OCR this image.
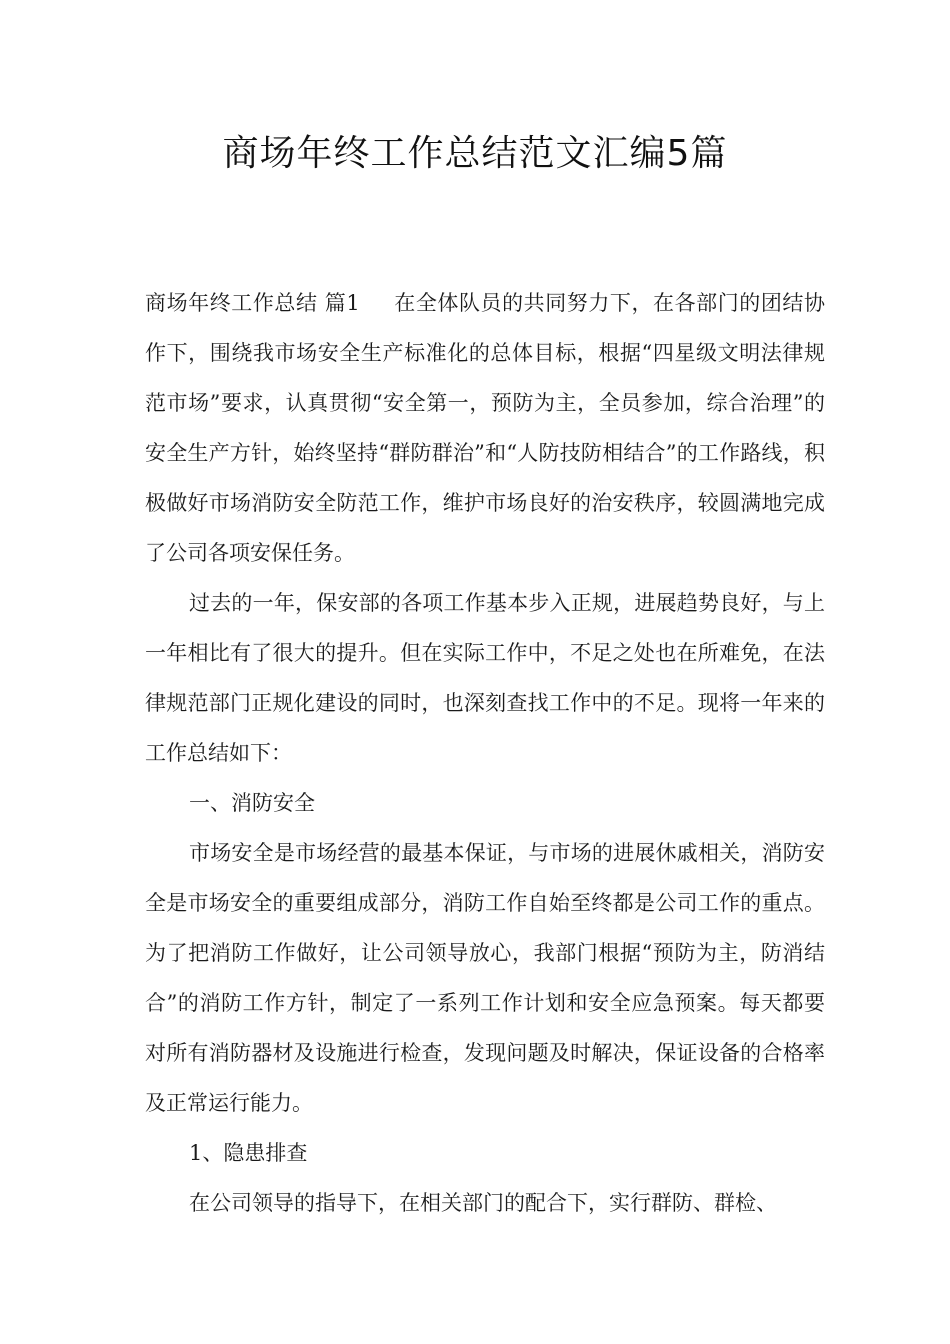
商场年终工作总结范文汇编5篇

商场年终工作总结 篇1 在全体队员的共同努力下，在各部门的团结协作下，围绕我市场安全生产标准化的总体目标，根据“四星级文明法律规范市场”要求，认真贯彻“安全第一，预防为主，全员参加，综合治理”的安全生产方针，始终坚持“群防群治”和“人防技防相结合”的工作路线，积极做好市场消防安全防范工作，维护市场良好的治安秩序，较圆满地完成了公司各项安保任务。

过去的一年，保安部的各项工作基本步入正规，进展趋势良好，与上一年相比有了很大的提升。但在实际工作中，不足之处也在所难免，在法律规范部门正规化建设的同时，也深刻查找工作中的不足。现将一年来的工作总结如下：

一、消防安全

市场安全是市场经营的最基本保证，与市场的进展休戚相关，消防安全是市场安全的重要组成部分，消防工作自始至终都是公司工作的重点。为了把消防工作做好，让公司领导放心，我部门根据“预防为主，防消结合”的消防工作方针，制定了一系列工作计划和安全应急预案。每天都要对所有消防器材及设施进行检查，发现问题及时解决，保证设备的合格率及正常运行能力。

1、隐患排查

在公司领导的指导下，在相关部门的配合下，实行群防、群检、
